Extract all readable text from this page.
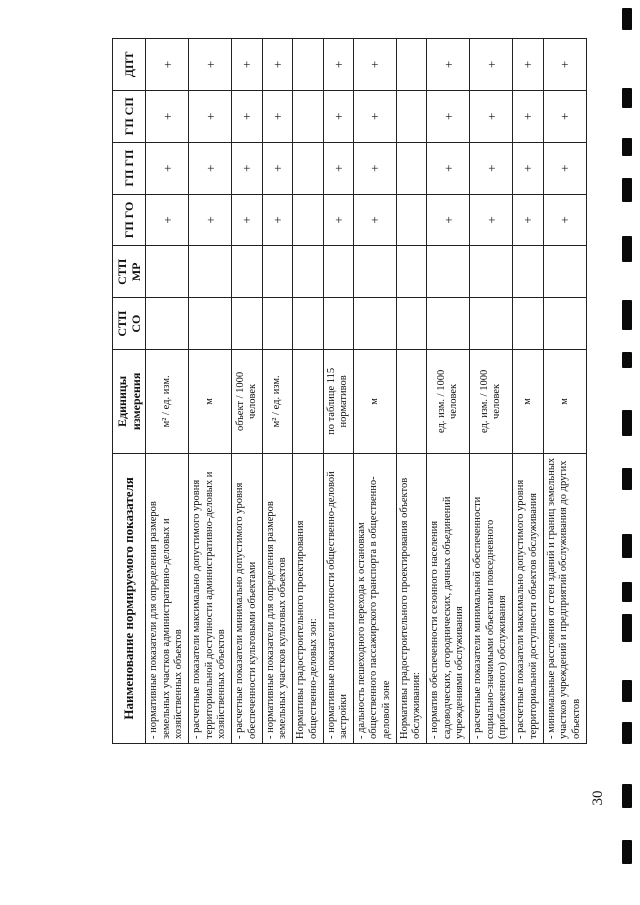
Наименование нормируемого показателя	Единицы измерения	СТП СО	СТП МР	ГП ГО	ГП ГП	ГП СП	ДПТ
- нормативные показатели для определения размеров земельных участков административно-деловых и хозяйственных объектов	м² / ед. изм.			+	+	+	+
- расчетные показатели максимально допустимого уровня территориальной доступности административно-деловых и хозяйственных объектов	м			+	+	+	+
- расчетные показатели минимально допустимого уровня обеспеченности культовыми объектами	объект / 1000 человек			+	+	+	+
- нормативные показатели для определения размеров земельных участков культовых объектов	м² / ед. изм.			+	+	+	+
Нормативы градостроительного проектирования общественно-деловых зон:							
- нормативные показатели плотности общественно-деловой застройки	по таблице 115 нормативов			+	+	+	+
- дальность пешеходного перехода к остановкам общественного пассажирского транспорта в общественно-деловой зоне	м			+	+	+	+
Нормативы градостроительного проектирования объектов обслуживания:							
- норматив обеспеченности сезонного населения садоводческих, огороднических, дачных объединений учреждениями обслуживания	ед. изм. / 1000 человек			+	+	+	+
- расчетные показатели минимальной обеспеченности социально-значимыми объектами повседневного (приближенного) обслуживания	ед. изм. / 1000 человек			+	+	+	+
- расчетные показатели максимально допустимого уровня территориальной доступности объектов обслуживания	м			+	+	+	+
- минимальные расстояния от стен зданий и границ земельных участков учреждений и предприятий обслуживания до других объектов	м			+	+	+	+
30
